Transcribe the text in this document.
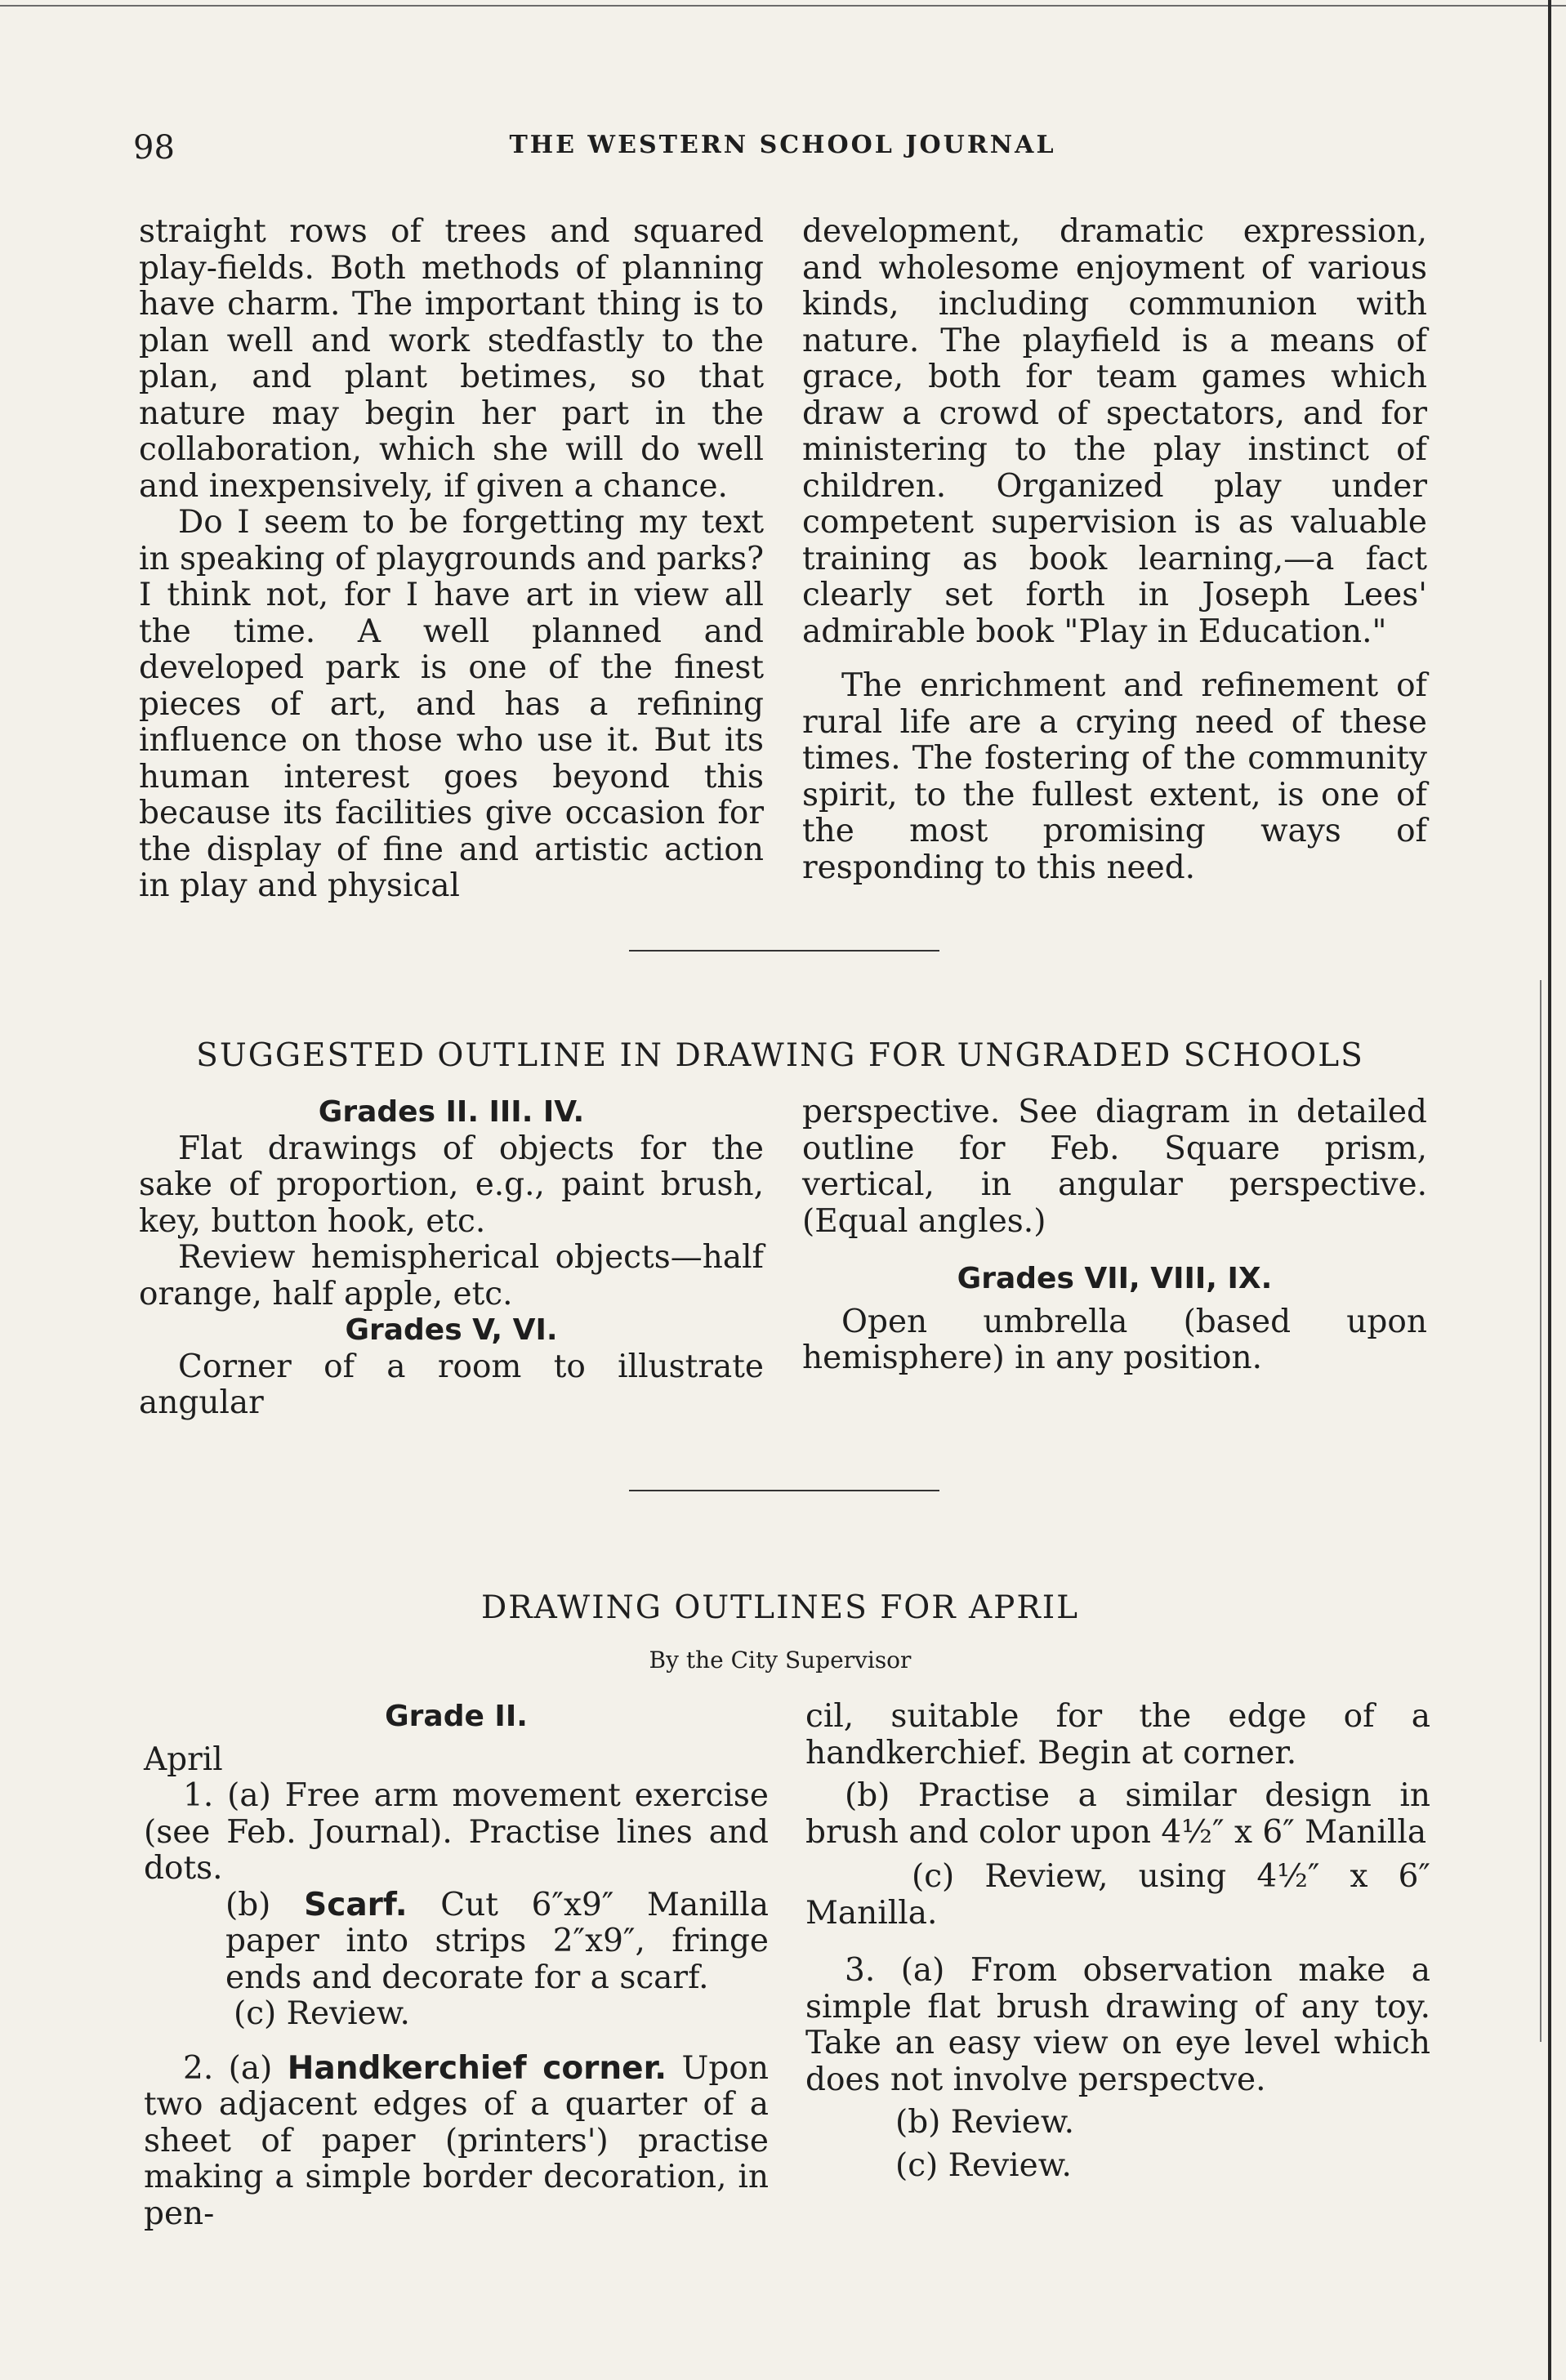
98	THE WESTERN SCHOOL JOURNAL

straight rows of trees and squared play-fields. Both methods of planning have charm. The important thing is to plan well and work stedfastly to the plan, and plant betimes, so that nature may begin her part in the collaboration, which she will do well and inexpensively, if given a chance.

Do I seem to be forgetting my text in speaking of playgrounds and parks? I think not, for I have art in view all the time. A well planned and developed park is one of the finest pieces of art, and has a refining influence on those who use it. But its human interest goes beyond this because its facilities give occasion for the display of fine and artistic action in play and physical

development, dramatic expression, and wholesome enjoyment of various kinds, including communion with nature. The playfield is a means of grace, both for team games which draw a crowd of spectators, and for ministering to the play instinct of children. Organized play under competent supervision is as valuable training as book learning,—a fact clearly set forth in Joseph Lees' admirable book "Play in Education."

The enrichment and refinement of rural life are a crying need of these times. The fostering of the community spirit, to the fullest extent, is one of the most promising ways of responding to this need.

SUGGESTED OUTLINE IN DRAWING FOR UNGRADED SCHOOLS

Grades II. III. IV.

Flat drawings of objects for the sake of proportion, e.g., paint brush, key, button hook, etc.

Review hemispherical objects—half orange, half apple, etc.

Grades V, VI.

Corner of a room to illustrate angular

perspective. See diagram in detailed outline for Feb. Square prism, vertical, in angular perspective. (Equal angles.)

Grades VII, VIII, IX.

Open umbrella (based upon hemisphere) in any position.

DRAWING OUTLINES FOR APRIL
By the City Supervisor

Grade II.

April

1. (a) Free arm movement exercise (see Feb. Journal). Practise lines and dots.

(b) Scarf. Cut 6″x9″ Manilla paper into strips 2″x9″, fringe ends and decorate for a scarf.

(c) Review.

2. (a) Handkerchief corner. Upon two adjacent edges of a quarter of a sheet of paper (printers') practise making a simple border decoration, in pen-

cil, suitable for the edge of a handkerchief. Begin at corner.

(b) Practise a similar design in brush and color upon 4½″ x 6″ Manilla

(c) Review, using 4½″ x 6″ Manilla.

3. (a) From observation make a simple flat brush drawing of any toy. Take an easy view on eye level which does not involve perspectve.

(b) Review.

(c) Review.
